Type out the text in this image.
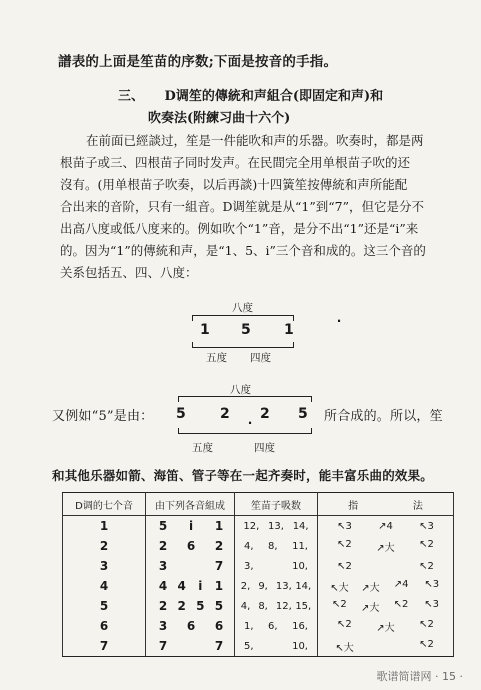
譜表的上面是笙苗的序数;下面是按音的手指。
三、 D调笙的傳統和声組合(即固定和声)和
吹奏法(附練习曲十六个)
在前面已經談过，笙是一件能吹和声的乐器。吹奏时，都是两
根苗子或三、四根苗子同时发声。在民間完全用单根苗子吹的还
沒有。(用单根苗子吹奏，以后再談)十四簧笙按傳統和声所能配
合出来的音阶，只有一組音。D调笙就是从“1”到“7”，但它是分不
出高八度或低八度来的。例如吹个“1”音，是分不出“1”还是“i”来
的。因为“1”的傳統和声，是“1、5、i”三个音和成的。这三个音的
关系包括五、四、八度：
八度
1 5 1 ·
五度 四度
又例如“5”是由：
八度
5 ·	2 2 5
五度	四度
所合成的。所以，笙
和其他乐器如箭、海笛、管子等在一起齐奏时，能丰富乐曲的效果。
D调的七个音	由下列各音組成	笙苗子吸数	指 法
1	5 i 1	12, 13, 14,	↖3 ↗4 ↖3

2	2 6 2	4, 8, 11,	↖2 ↗大 ↖2

3	3 7	3, 10,	↖2 ↖2

4	4 4 i 1	2, 9, 13, 14,	↖大 ↗大 ↗4 ↖3

5	2 2 5 5	4, 8, 12, 15,	↖2 ↗大 ↖2 ↖3

6	3 6 6	1, 6, 16,	↖2 ↗大 ↖2

7	7 7	5, 10,	↖大 ↖2
歌谱简谱网 · 15 ·
